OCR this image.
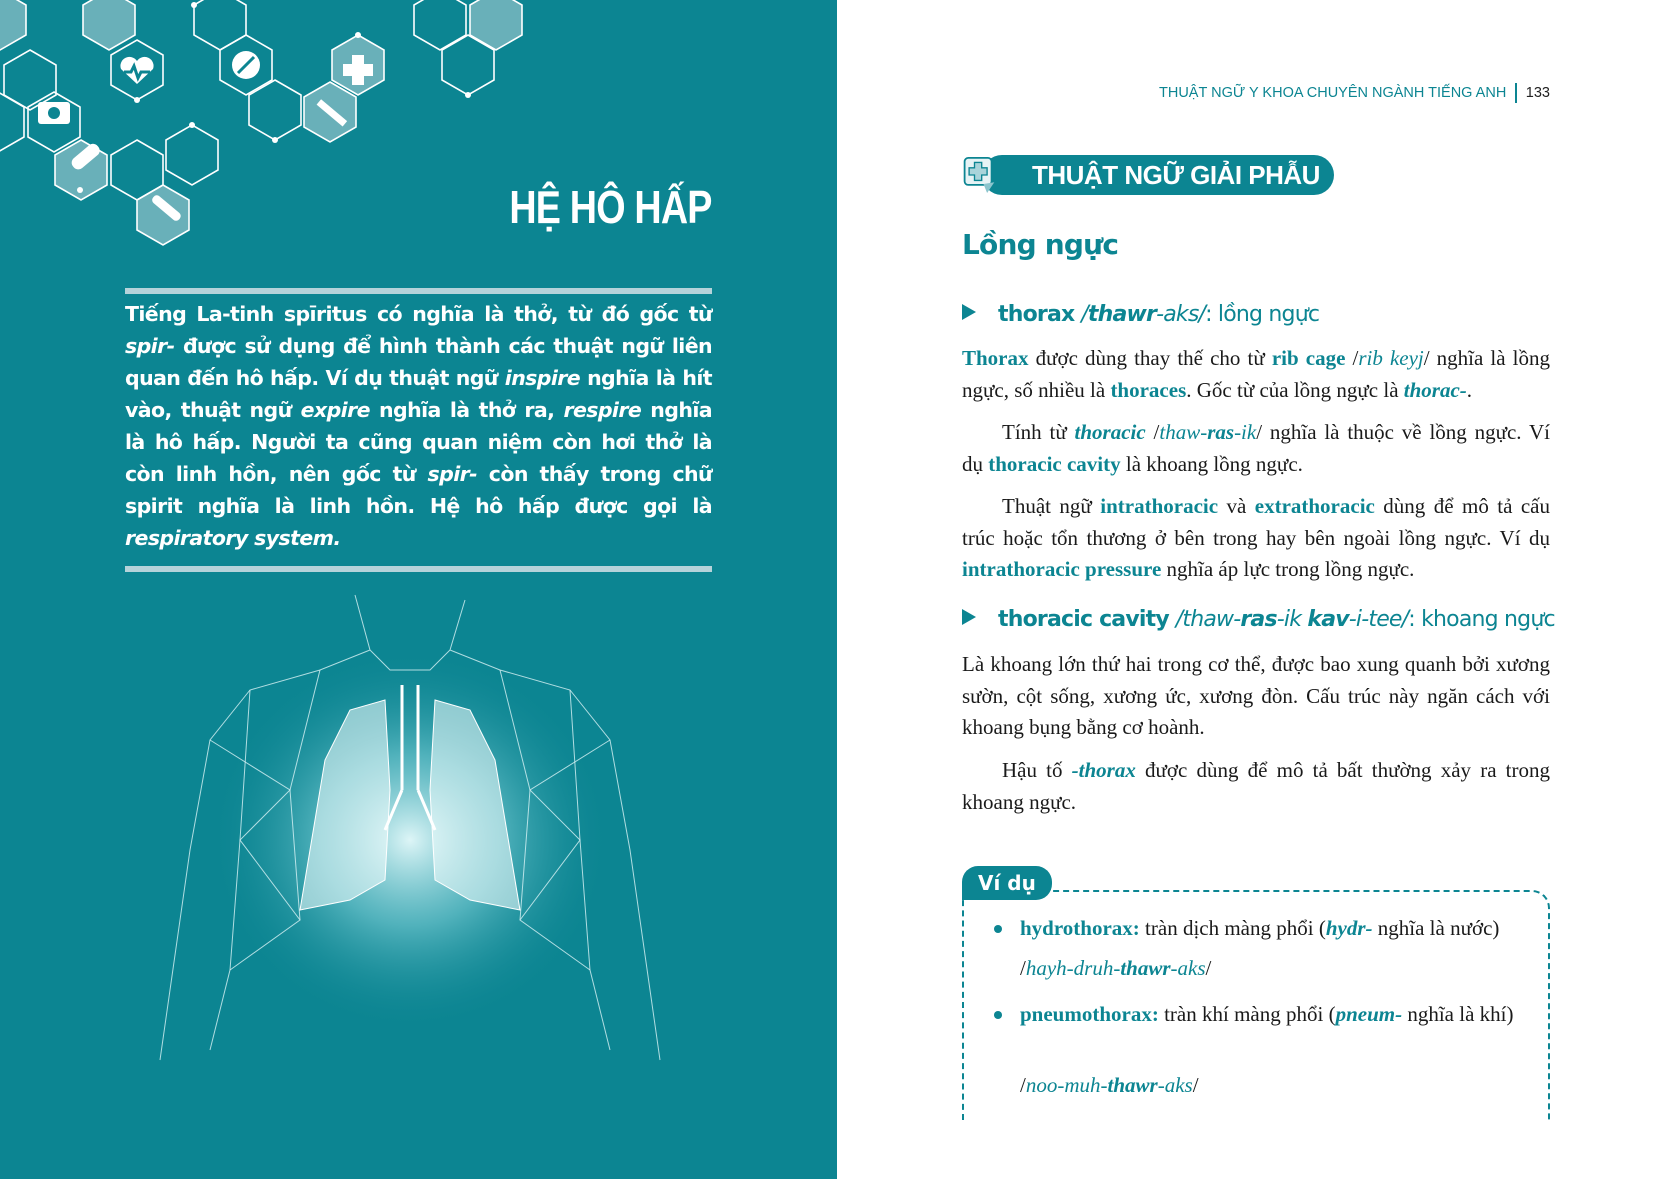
HỆ HÔ HẤP
Tiếng La-tinh spīritus có nghĩa là thở, từ đó gốc từ spir- được sử dụng để hình thành các thuật ngữ liên quan đến hô hấp. Ví dụ thuật ngữ inspire nghĩa là hít vào, thuật ngữ expire nghĩa là thở ra, respire nghĩa là hô hấp. Người ta cũng quan niệm còn hơi thở là còn linh hồn, nên gốc từ spir- còn thấy trong chữ spirit nghĩa là linh hồn. Hệ hô hấp được gọi là respiratory system.
THUẬT NGỮ Y KHOA CHUYÊN NGÀNH TIẾNG ANH 133
THUẬT NGỮ GIẢI PHẪU
Lồng ngực
thorax /thawr-aks/: lồng ngực
Thorax được dùng thay thế cho từ rib cage /rib keyj/ nghĩa là lồng ngực, số nhiều là thoraces. Gốc từ của lồng ngực là thorac-.
Tính từ thoracic /thaw-ras-ik/ nghĩa là thuộc về lồng ngực. Ví dụ thoracic cavity là khoang lồng ngực.
Thuật ngữ intrathoracic và extrathoracic dùng để mô tả cấu trúc hoặc tổn thương ở bên trong hay bên ngoài lồng ngực. Ví dụ intrathoracic pressure nghĩa áp lực trong lồng ngực.
thoracic cavity /thaw-ras-ik kav-i-tee/: khoang ngực
Là khoang lớn thứ hai trong cơ thể, được bao xung quanh bởi xương sườn, cột sống, xương ức, xương đòn. Cấu trúc này ngăn cách với khoang bụng bằng cơ hoành.
Hậu tố -thorax được dùng để mô tả bất thường xảy ra trong khoang ngực.
Ví dụ
hydrothorax: tràn dịch màng phổi (hydr- nghĩa là nước)
/hayh-druh-thawr-aks/
pneumothorax: tràn khí màng phổi (pneum- nghĩa là khí)
/noo-muh-thawr-aks/
